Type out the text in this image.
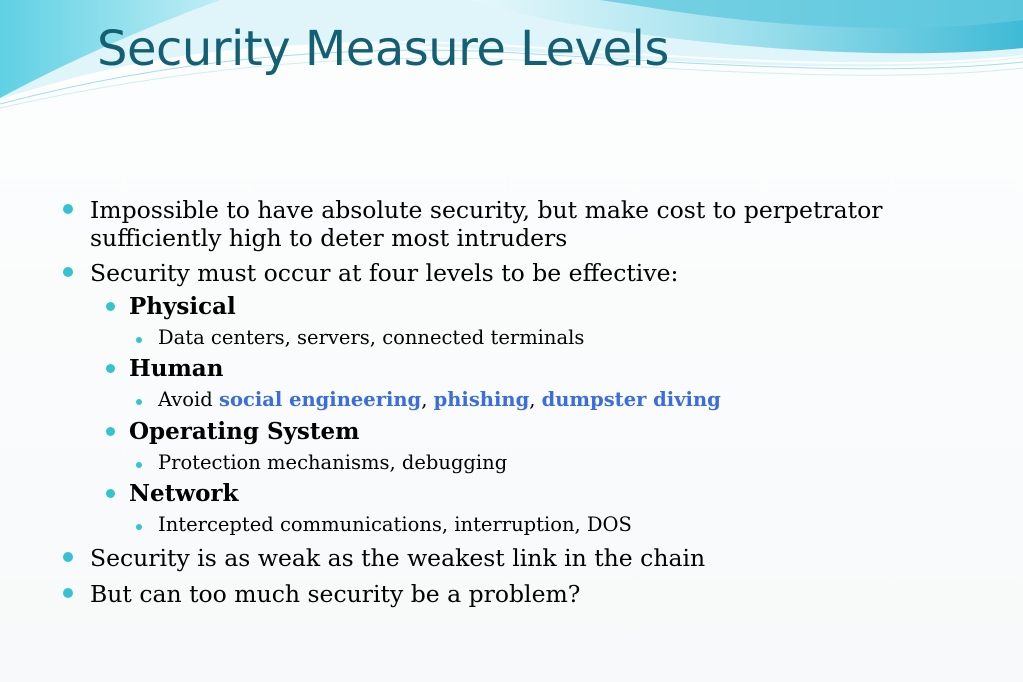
Security Measure Levels
Impossible to have absolute security, but make cost to perpetrator
sufficiently high to deter most intruders
Security must occur at four levels to be effective:
Physical
Data centers, servers, connected terminals
Human
Avoid social engineering, phishing, dumpster diving
Operating System
Protection mechanisms, debugging
Network
Intercepted communications, interruption, DOS
Security is as weak as the weakest link in the chain
But can too much security be a problem?
